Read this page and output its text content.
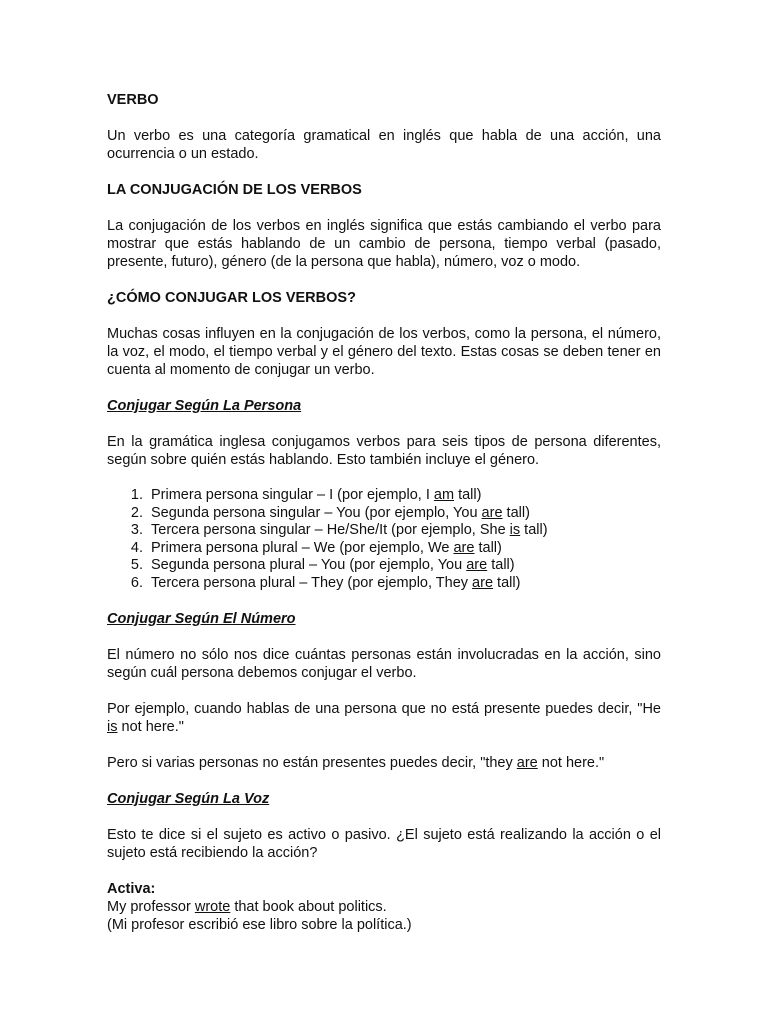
VERBO

Un verbo es una categoría gramatical en inglés que habla de una acción, una ocurrencia o un estado.

LA CONJUGACIÓN DE LOS VERBOS

La conjugación de los verbos en inglés significa que estás cambiando el verbo para mostrar que estás hablando de un cambio de persona, tiempo verbal (pasado, presente, futuro), género (de la persona que habla), número, voz o modo.

¿CÓMO CONJUGAR LOS VERBOS?

Muchas cosas influyen en la conjugación de los verbos, como la persona, el número, la voz, el modo, el tiempo verbal y el género del texto. Estas cosas se deben tener en cuenta al momento de conjugar un verbo.

Conjugar Según La Persona

En la gramática inglesa conjugamos verbos para seis tipos de persona diferentes, según sobre quién estás hablando. Esto también incluye el género.

1. Primera persona singular – I (por ejemplo, I am tall)
2. Segunda persona singular – You (por ejemplo, You are tall)
3. Tercera persona singular – He/She/It (por ejemplo, She is tall)
4. Primera persona plural – We (por ejemplo, We are tall)
5. Segunda persona plural – You (por ejemplo, You are tall)
6. Tercera persona plural – They (por ejemplo, They are tall)

Conjugar Según El Número

El número no sólo nos dice cuántas personas están involucradas en la acción, sino según cuál persona debemos conjugar el verbo.

Por ejemplo, cuando hablas de una persona que no está presente puedes decir, "He is not here."

Pero si varias personas no están presentes puedes decir, "they are not here."

Conjugar Según La Voz

Esto te dice si el sujeto es activo o pasivo. ¿El sujeto está realizando la acción o el sujeto está recibiendo la acción?

Activa:

My professor wrote that book about politics.

(Mi profesor escribió ese libro sobre la política.)
